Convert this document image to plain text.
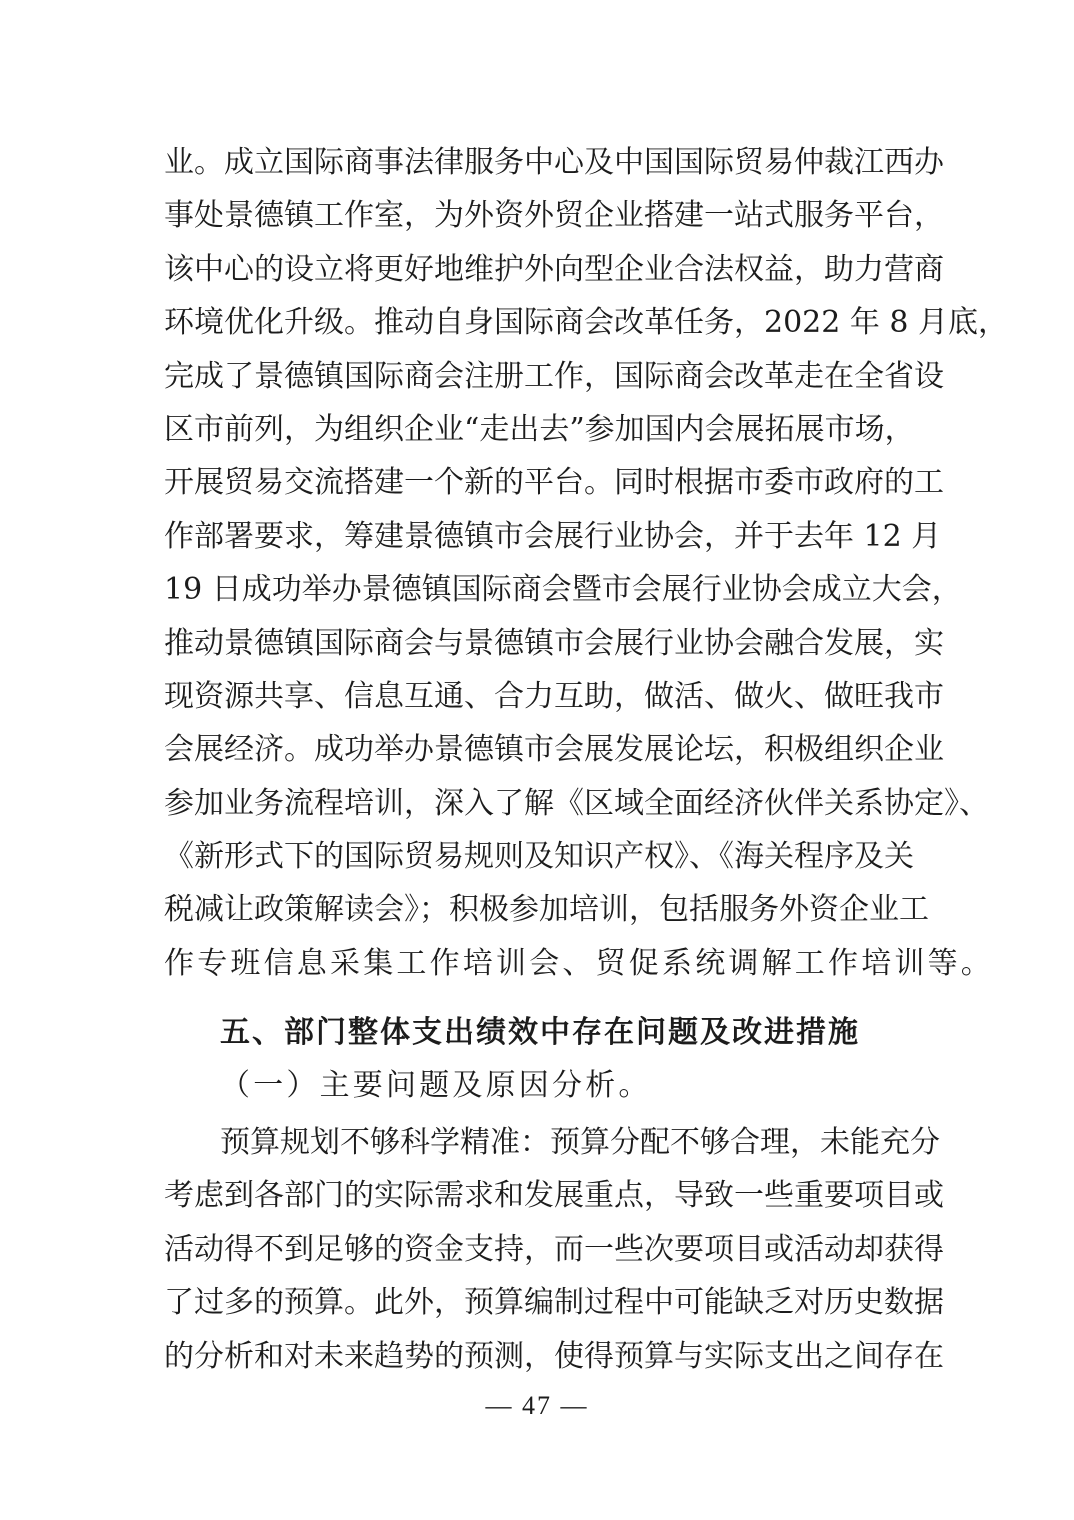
业。成立国际商事法律服务中心及中国国际贸易仲裁江西办
事处景德镇工作室，为外资外贸企业搭建一站式服务平台，
该中心的设立将更好地维护外向型企业合法权益，助力营商
环境优化升级。推动自身国际商会改革任务，2022 年 8 月底，
完成了景德镇国际商会注册工作，国际商会改革走在全省设
区市前列，为组织企业“走出去”参加国内会展拓展市场，
开展贸易交流搭建一个新的平台。同时根据市委市政府的工
作部署要求，筹建景德镇市会展行业协会，并于去年 12 月
19 日成功举办景德镇国际商会暨市会展行业协会成立大会，
推动景德镇国际商会与景德镇市会展行业协会融合发展，实
现资源共享、信息互通、合力互助，做活、做火、做旺我市
会展经济。成功举办景德镇市会展发展论坛，积极组织企业
参加业务流程培训，深入了解《区域全面经济伙伴关系协定》、
《新形式下的国际贸易规则及知识产权》、《海关程序及关
税减让政策解读会》；积极参加培训，包括服务外资企业工
作专班信息采集工作培训会、贸促系统调解工作培训等。
五、部门整体支出绩效中存在问题及改进措施
（一）主要问题及原因分析。
预算规划不够科学精准：预算分配不够合理，未能充分
考虑到各部门的实际需求和发展重点，导致一些重要项目或
活动得不到足够的资金支持，而一些次要项目或活动却获得
了过多的预算。此外，预算编制过程中可能缺乏对历史数据
的分析和对未来趋势的预测，使得预算与实际支出之间存在
— 47 —
